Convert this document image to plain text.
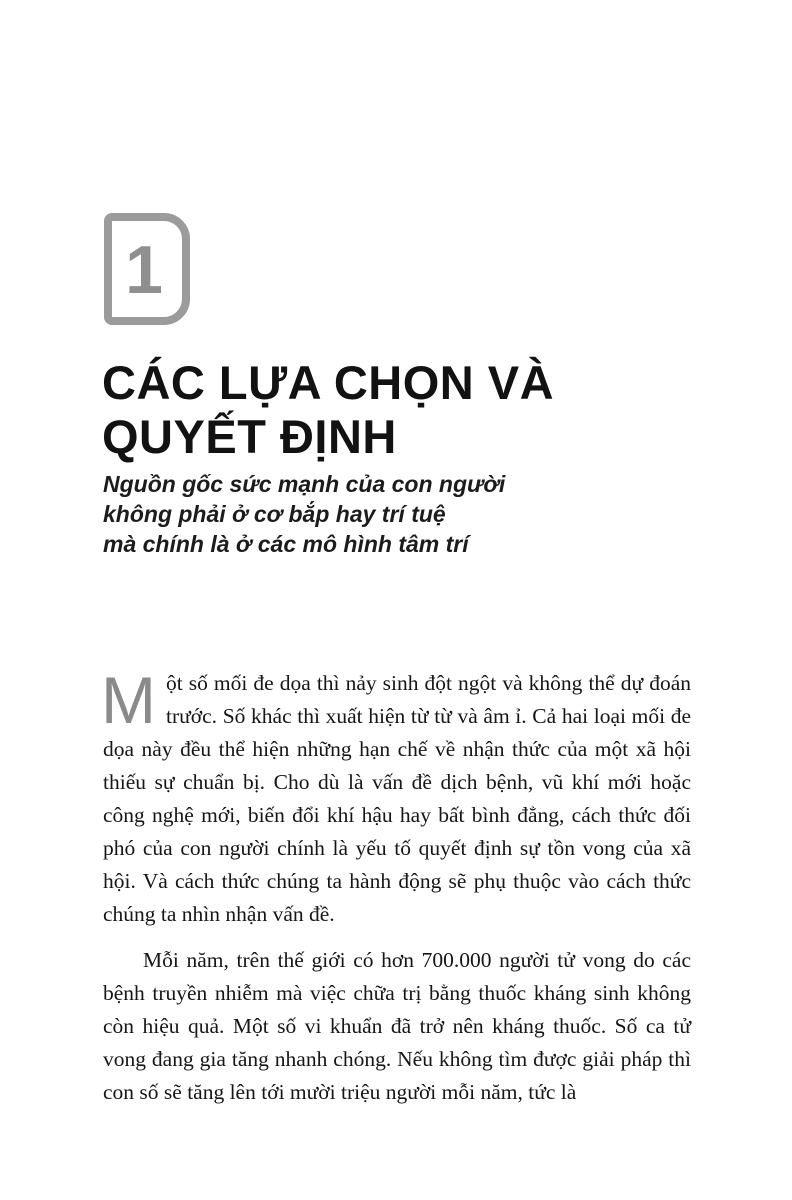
1
CÁC LỰA CHỌN VÀ
QUYẾT ĐỊNH
Nguồn gốc sức mạnh của con người
không phải ở cơ bắp hay trí tuệ
mà chính là ở các mô hình tâm trí

Một số mối đe dọa thì nảy sinh đột ngột và không thể dự đoán trước. Số khác thì xuất hiện từ từ và âm ỉ. Cả hai loại mối đe dọa này đều thể hiện những hạn chế về nhận thức của một xã hội thiếu sự chuẩn bị. Cho dù là vấn đề dịch bệnh, vũ khí mới hoặc công nghệ mới, biến đổi khí hậu hay bất bình đẳng, cách thức đối phó của con người chính là yếu tố quyết định sự tồn vong của xã hội. Và cách thức chúng ta hành động sẽ phụ thuộc vào cách thức chúng ta nhìn nhận vấn đề.

Mỗi năm, trên thế giới có hơn 700.000 người tử vong do các bệnh truyền nhiễm mà việc chữa trị bằng thuốc kháng sinh không còn hiệu quả. Một số vi khuẩn đã trở nên kháng thuốc. Số ca tử vong đang gia tăng nhanh chóng. Nếu không tìm được giải pháp thì con số sẽ tăng lên tới mười triệu người mỗi năm, tức là
